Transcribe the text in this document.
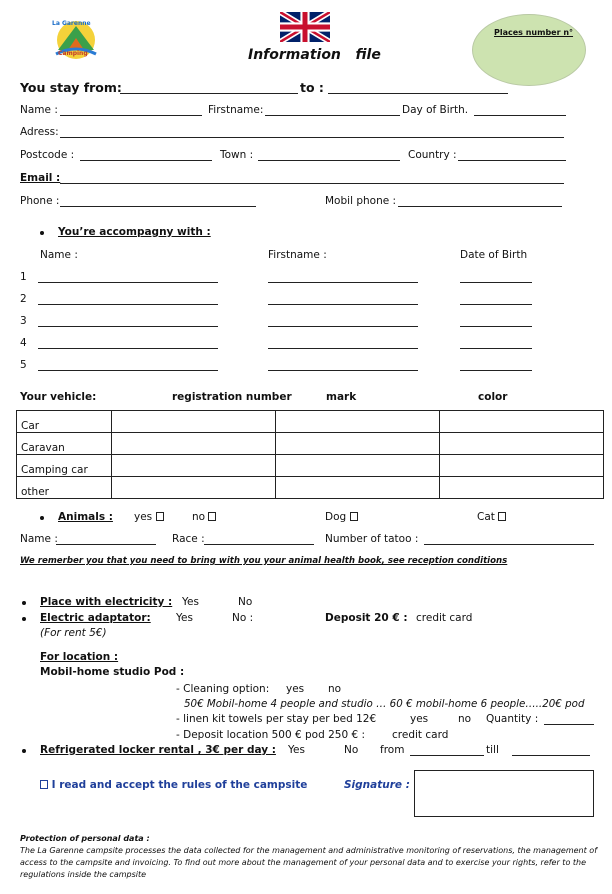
La Garenne
Camping	Information   file
Places number n°
You stay from:	to :
Name :	Firstname:	Day of Birth.
Adress:
Postcode :	Town :	Country :
Email :
Phone :	Mobil phone :
You’re accompagny with :
Name :	Firstname :	Date of Birth
1
2
3
4
5
Your vehicle:	registration number	mark	color
Car			
Caravan			
Camping car			
other			
Animals : yes	no	Dog	Cat
Name :	Race :	Number of tatoo :
We remerber you that you need to bring with you your animal health book, see reception conditions
Place with electricity : Yes	No
Electric adaptator: Yes	No :	Deposit 20 € : credit card
(For rent 5€)
For location :
Mobil-home studio Pod :
- Cleaning option: yes no
50€ Mobil-home 4 people and studio … 60 € mobil-home 6 people…..20€ pod
- linen kit towels per stay per bed 12€	yes	no Quantity :
- Deposit location 500 € pod 250 € :	credit card
Refrigerated locker rental , 3€ per day : Yes	No from	till
I read and accept the rules of the campsite	Signature :
Protection of personal data :
The La Garenne campsite processes the data collected for the management and administrative monitoring of reservations, the management of access to the campsite and invoicing. To find out more about the management of your personal data and to exercise your rights, refer to the regulations inside the campsite
